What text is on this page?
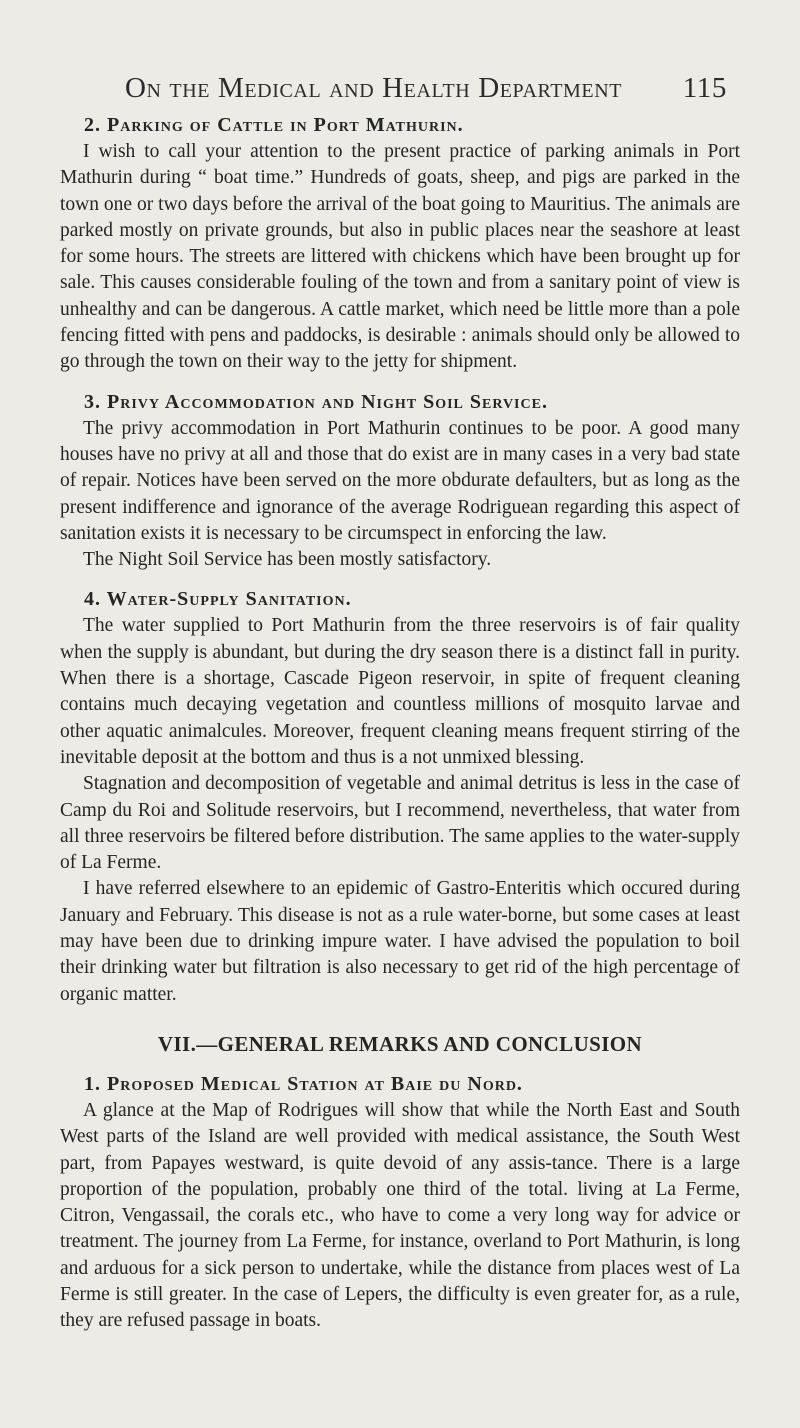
On the Medical and Health Department 115
2. Parking of Cattle in Port Mathurin.

I wish to call your attention to the present practice of parking animals in Port Mathurin during “ boat time.” Hundreds of goats, sheep, and pigs are parked in the town one or two days before the arrival of the boat going to Mauritius. The animals are parked mostly on private grounds, but also in public places near the seashore at least for some hours. The streets are littered with chickens which have been brought up for sale. This causes considerable fouling of the town and from a sanitary point of view is unhealthy and can be dangerous. A cattle market, which need be little more than a pole fencing fitted with pens and paddocks, is desirable : animals should only be allowed to go through the town on their way to the jetty for shipment.

3. Privy Accommodation and Night Soil Service.

The privy accommodation in Port Mathurin continues to be poor. A good many houses have no privy at all and those that do exist are in many cases in a very bad state of repair. Notices have been served on the more obdurate defaulters, but as long as the present indifference and ignorance of the average Rodriguean regarding this aspect of sanitation exists it is necessary to be circumspect in enforcing the law.

The Night Soil Service has been mostly satisfactory.

4. Water-Supply Sanitation.

The water supplied to Port Mathurin from the three reservoirs is of fair quality when the supply is abundant, but during the dry season there is a distinct fall in purity. When there is a shortage, Cascade Pigeon reservoir, in spite of frequent cleaning contains much decaying vegetation and countless millions of mosquito larvae and other aquatic animalcules. Moreover, frequent cleaning means frequent stirring of the inevitable deposit at the bottom and thus is a not unmixed blessing.

Stagnation and decomposition of vegetable and animal detritus is less in the case of Camp du Roi and Solitude reservoirs, but I recommend, nevertheless, that water from all three reservoirs be filtered before distribution. The same applies to the water-supply of La Ferme.

I have referred elsewhere to an epidemic of Gastro-Enteritis which occured during January and February. This disease is not as a rule water-borne, but some cases at least may have been due to drinking impure water. I have advised the population to boil their drinking water but filtration is also necessary to get rid of the high percentage of organic matter.

VII.—GENERAL REMARKS AND CONCLUSION
1. Proposed Medical Station at Baie du Nord.

A glance at the Map of Rodrigues will show that while the North East and South West parts of the Island are well provided with medical assistance, the South West part, from Papayes westward, is quite devoid of any assis-tance. There is a large proportion of the population, probably one third of the total. living at La Ferme, Citron, Vengassail, the corals etc., who have to come a very long way for advice or treatment. The journey from La Ferme, for instance, overland to Port Mathurin, is long and arduous for a sick person to undertake, while the distance from places west of La Ferme is still greater. In the case of Lepers, the difficulty is even greater for, as a rule, they are refused passage in boats.
